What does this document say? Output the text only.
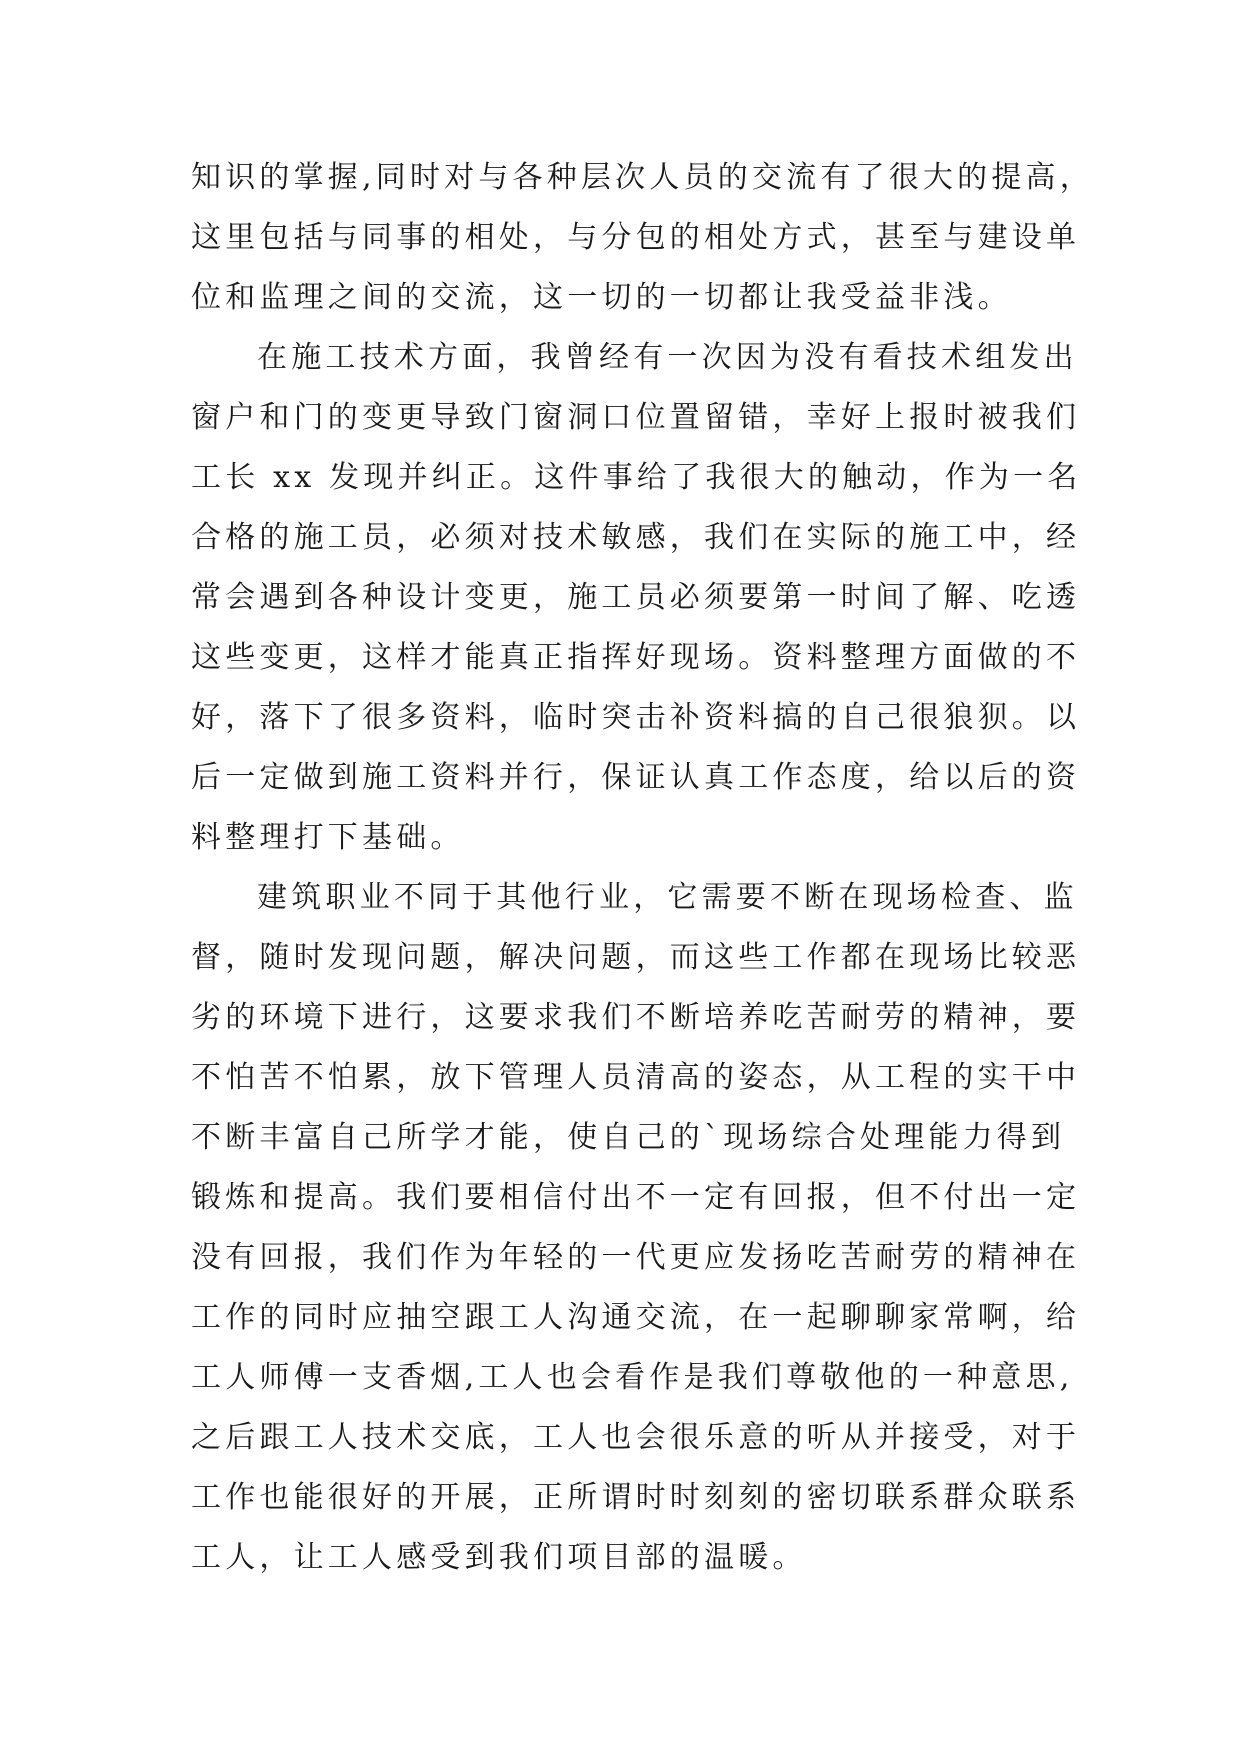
知识的掌握,同时对与各种层次人员的交流有了很大的提高，

这里包括与同事的相处，与分包的相处方式，甚至与建设单

位和监理之间的交流，这一切的一切都让我受益非浅。

在施工技术方面，我曾经有一次因为没有看技术组发出

窗户和门的变更导致门窗洞口位置留错，幸好上报时被我们

工长 xx 发现并纠正。这件事给了我很大的触动，作为一名

合格的施工员，必须对技术敏感，我们在实际的施工中，经

常会遇到各种设计变更，施工员必须要第一时间了解、吃透

这些变更，这样才能真正指挥好现场。资料整理方面做的不

好，落下了很多资料，临时突击补资料搞的自己很狼狈。以

后一定做到施工资料并行，保证认真工作态度，给以后的资

料整理打下基础。

建筑职业不同于其他行业，它需要不断在现场检查、监

督，随时发现问题，解决问题，而这些工作都在现场比较恶

劣的环境下进行，这要求我们不断培养吃苦耐劳的精神，要

不怕苦不怕累，放下管理人员清高的姿态，从工程的实干中

不断丰富自己所学才能，使自己的`现场综合处理能力得到

锻炼和提高。我们要相信付出不一定有回报，但不付出一定

没有回报，我们作为年轻的一代更应发扬吃苦耐劳的精神在

工作的同时应抽空跟工人沟通交流，在一起聊聊家常啊，给

工人师傅一支香烟,工人也会看作是我们尊敬他的一种意思,

之后跟工人技术交底，工人也会很乐意的听从并接受，对于

工作也能很好的开展，正所谓时时刻刻的密切联系群众联系

工人，让工人感受到我们项目部的温暖。
